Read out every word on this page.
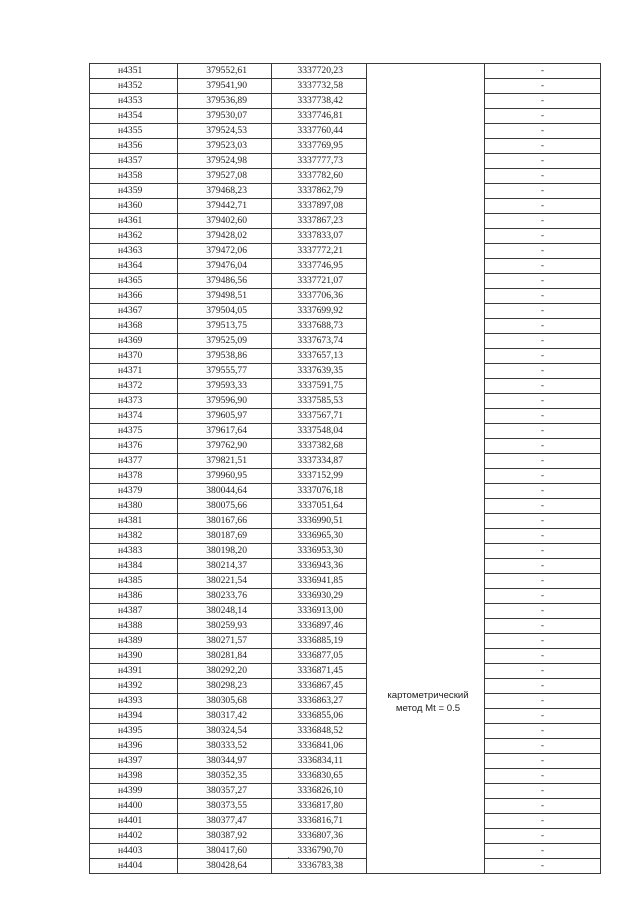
н4351	379552,61	3337720,23		-
н4352	379541,90	3337732,58		-
н4353	379536,89	3337738,42		-
н4354	379530,07	3337746,81		-
н4355	379524,53	3337760,44		-
н4356	379523,03	3337769,95		-
н4357	379524,98	3337777,73		-
н4358	379527,08	3337782,60		-
н4359	379468,23	3337862,79		-
н4360	379442,71	3337897,08		-
н4361	379402,60	3337867,23		-
н4362	379428,02	3337833,07		-
н4363	379472,06	3337772,21		-
н4364	379476,04	3337746,95		-
н4365	379486,56	3337721,07		-
н4366	379498,51	3337706,36		-
н4367	379504,05	3337699,92		-
н4368	379513,75	3337688,73		-
н4369	379525,09	3337673,74		-
н4370	379538,86	3337657,13		-
н4371	379555,77	3337639,35		-
н4372	379593,33	3337591,75		-
н4373	379596,90	3337585,53		-
н4374	379605,97	3337567,71		-
н4375	379617,64	3337548,04		-
н4376	379762,90	3337382,68		-
н4377	379821,51	3337334,87		-
н4378	379960,95	3337152,99		-
н4379	380044,64	3337076,18		-
н4380	380075,66	3337051,64		-
н4381	380167,66	3336990,51		-
н4382	380187,69	3336965,30		-
н4383	380198,20	3336953,30		-
н4384	380214,37	3336943,36		-
н4385	380221,54	3336941,85		-
н4386	380233,76	3336930,29		-
н4387	380248,14	3336913,00		-
н4388	380259,93	3336897,46		-
н4389	380271,57	3336885,19		-
н4390	380281,84	3336877,05		-
н4391	380292,20	3336871,45		-
н4392	380298,23	3336867,45		-
н4393	380305,68	3336863,27		-
н4394	380317,42	3336855,06		-
н4395	380324,54	3336848,52		-
н4396	380333,52	3336841,06		-
н4397	380344,97	3336834,11		-
н4398	380352,35	3336830,65		-
н4399	380357,27	3336826,10		-
н4400	380373,55	3336817,80		-
н4401	380377,47	3336816,71		-
н4402	380387,92	3336807,36		-
н4403	380417,60	3336790,70		-
н4404	380428,64	3336783,38		-
картометрический
метод Mt = 0.5
